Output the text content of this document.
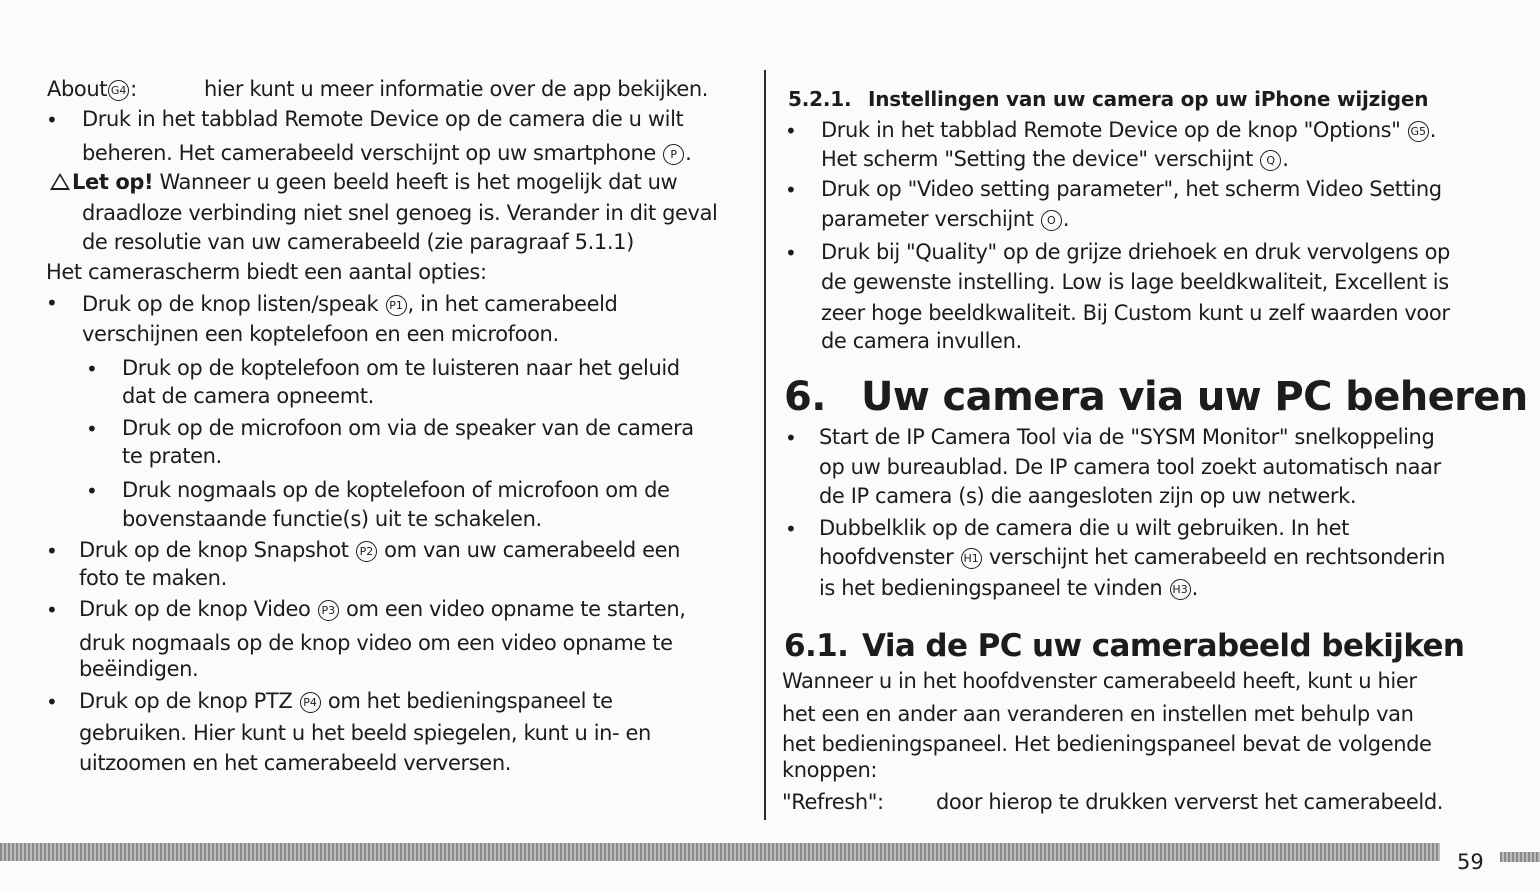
About G4 :	hier kunt u meer informatie over de app bekijken.
• Druk in het tabblad Remote Device op de camera die u wilt
beheren. Het camerabeeld verschijnt op uw smartphone P .
Let op! Wanneer u geen beeld heeft is het mogelijk dat uw
draadloze verbinding niet snel genoeg is. Verander in dit geval
de resolutie van uw camerabeeld (zie paragraaf 5.1.1)
Het camerascherm biedt een aantal opties:
• Druk op de knop listen/speak P1 , in het camerabeeld
verschijnen een koptelefoon en een microfoon.
• Druk op de koptelefoon om te luisteren naar het geluid
dat de camera opneemt.
• Druk op de microfoon om via de speaker van de camera
te praten.
• Druk nogmaals op de koptelefoon of microfoon om de
bovenstaande functie(s) uit te schakelen.
• Druk op de knop Snapshot P2 om van uw camerabeeld een
foto te maken.
• Druk op de knop Video P3 om een video opname te starten,
druk nogmaals op de knop video om een video opname te
beëindigen.
• Druk op de knop PTZ P4 om het bedieningspaneel te
gebruiken. Hier kunt u het beeld spiegelen, kunt u in- en
uitzoomen en het camerabeeld verversen.
5.2.1. Instellingen van uw camera op uw iPhone wijzigen
• Druk in het tabblad Remote Device op de knop "Options" G5 .
Het scherm "Setting the device" verschijnt Q .
• Druk op "Video setting parameter", het scherm Video Setting
parameter verschijnt O .
• Druk bij "Quality" op de grijze driehoek en druk vervolgens op
de gewenste instelling. Low is lage beeldkwaliteit, Excellent is
zeer hoge beeldkwaliteit. Bij Custom kunt u zelf waarden voor
de camera invullen.
6. Uw camera via uw PC beheren
• Start de IP Camera Tool via de "SYSM Monitor" snelkoppeling
op uw bureaublad. De IP camera tool zoekt automatisch naar
de IP camera (s) die aangesloten zijn op uw netwerk.
• Dubbelklik op de camera die u wilt gebruiken. In het
hoofdvenster H1 verschijnt het camerabeeld en rechtsonderin
is het bedieningspaneel te vinden H3 .
6.1. Via de PC uw camerabeeld bekijken
Wanneer u in het hoofdvenster camerabeeld heeft, kunt u hier
het een en ander aan veranderen en instellen met behulp van
het bedieningspaneel. Het bedieningspaneel bevat de volgende
knoppen:
"Refresh": door hierop te drukken ververst het camerabeeld.
59
